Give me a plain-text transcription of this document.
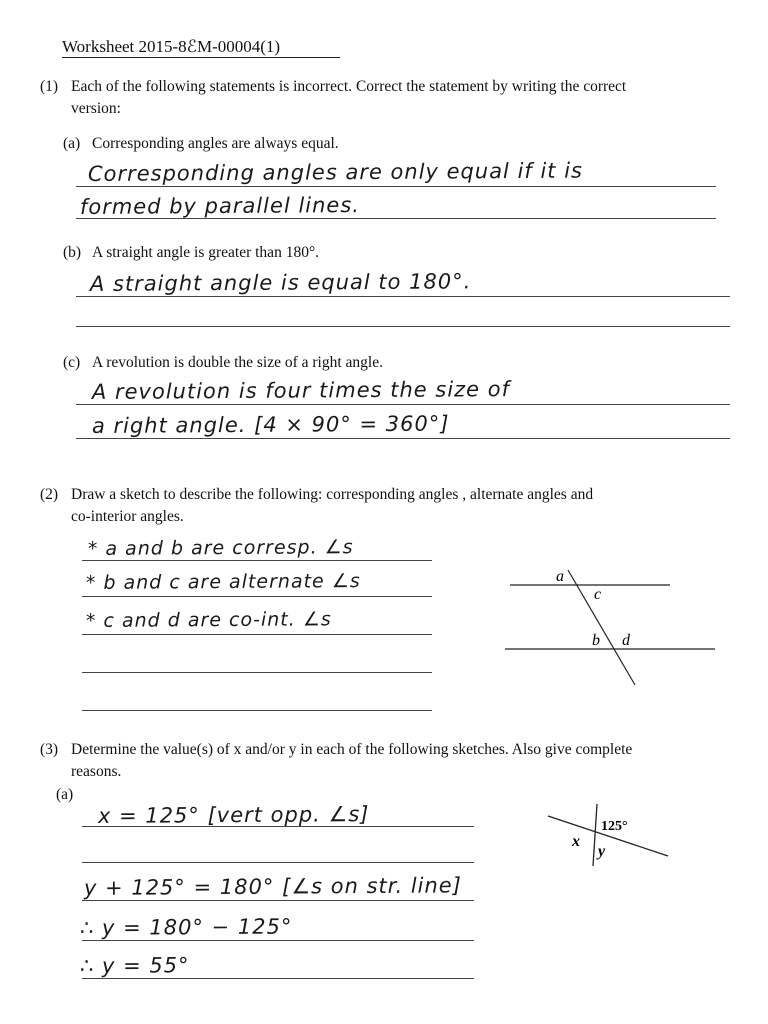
Worksheet 2015-8ℰM-00004(1)
(1) Each of the following statements is incorrect. Correct the statement by writing the correct
version:
(a) Corresponding angles are always equal.
Corresponding angles are only equal if it is
formed by parallel lines.
(b) A straight angle is greater than 180°.
A straight angle is equal to 180°.
(c) A revolution is double the size of a right angle.
A revolution is four times the size of
a right angle. [4 × 90° = 360°]
(2) Draw a sketch to describe the following: corresponding angles , alternate angles and
co-interior angles.
* a and b are corresp. ∠s
* b and c are alternate ∠s
* c and d are co-int. ∠s
a
c
b d
(3) Determine the value(s) of x and/or y in each of the following sketches. Also give complete
reasons.
(a)
x = 125° [vert opp. ∠s]
y + 125° = 180° [∠s on str. line]
∴ y = 180° − 125°
∴ y = 55°
125°
x
y
